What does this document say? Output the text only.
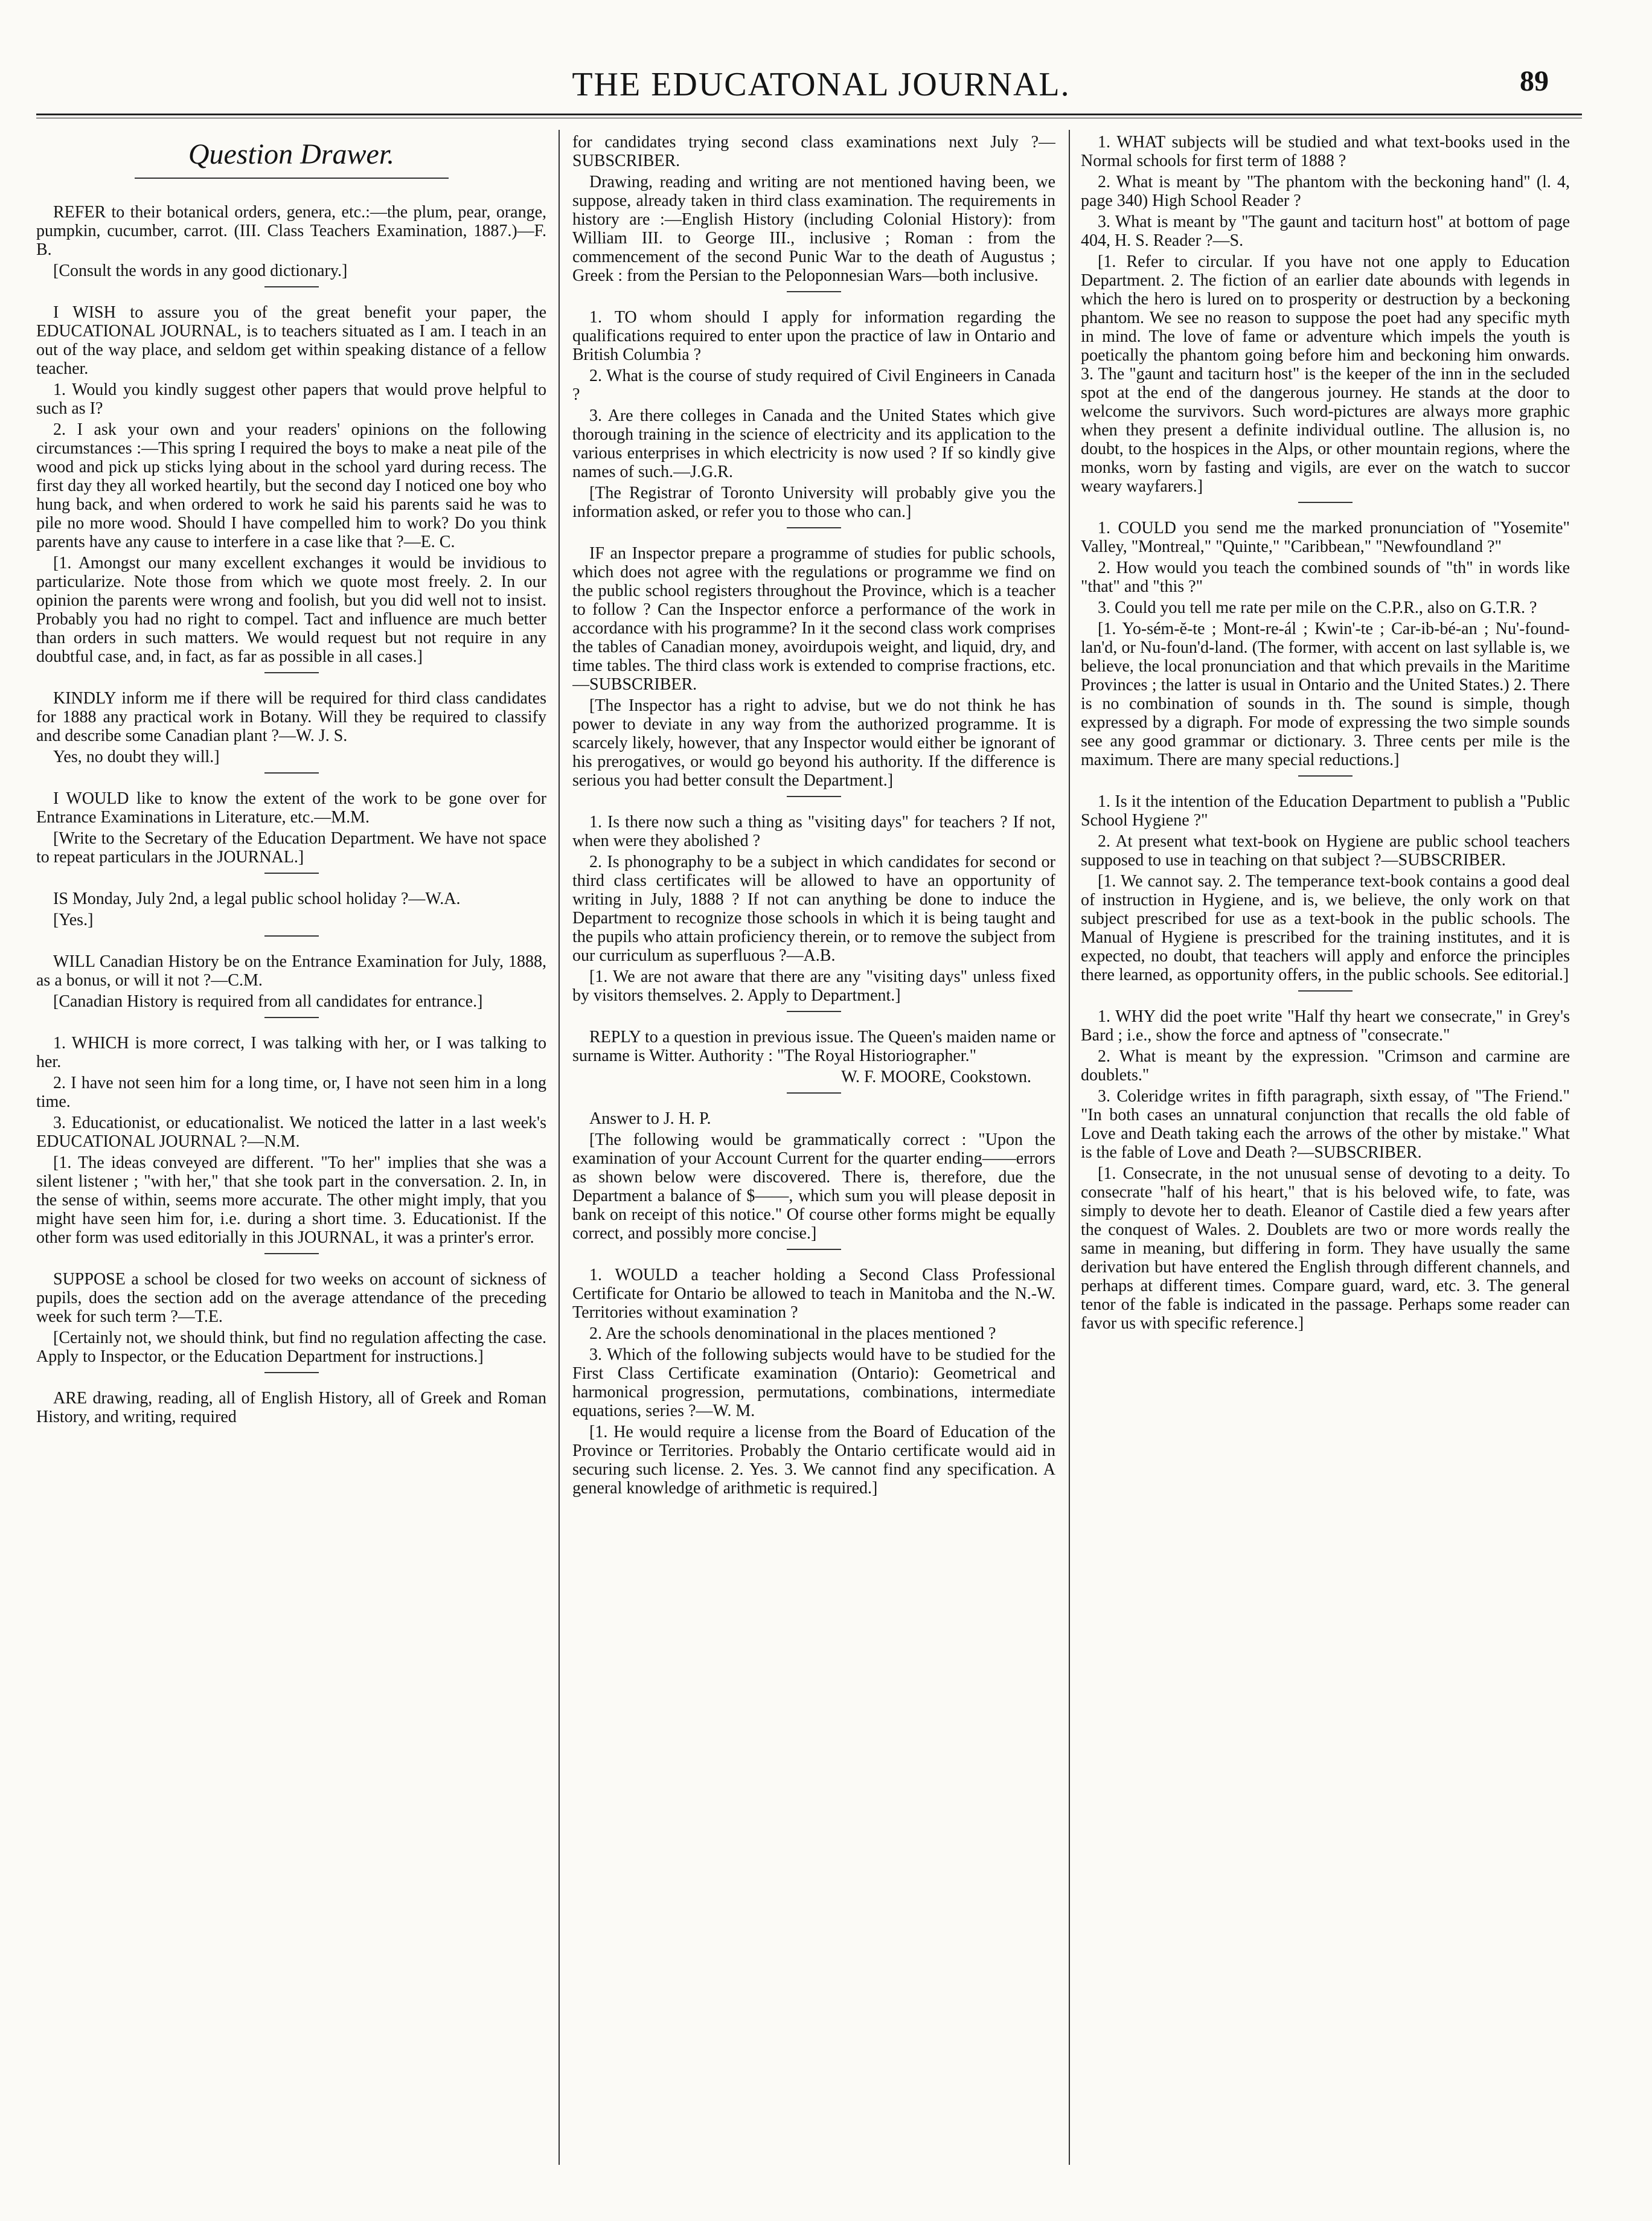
THE EDUCATONAL JOURNAL.	89
Question Drawer.

REFER to their botanical orders, genera, etc.:—the plum, pear, orange, pumpkin, cucumber, carrot. (III. Class Teachers Examination, 1887.)—F. B.

[Consult the words in any good dictionary.]

I WISH to assure you of the great benefit your paper, the EDUCATIONAL JOURNAL, is to teachers situated as I am. I teach in an out of the way place, and seldom get within speaking distance of a fellow teacher.

1. Would you kindly suggest other papers that would prove helpful to such as I?

2. I ask your own and your readers' opinions on the following circumstances :—This spring I required the boys to make a neat pile of the wood and pick up sticks lying about in the school yard during recess. The first day they all worked heartily, but the second day I noticed one boy who hung back, and when ordered to work he said his parents said he was to pile no more wood. Should I have compelled him to work? Do you think parents have any cause to interfere in a case like that ?—E. C.

[1. Amongst our many excellent exchanges it would be invidious to particularize. Note those from which we quote most freely. 2. In our opinion the parents were wrong and foolish, but you did well not to insist. Probably you had no right to compel. Tact and influence are much better than orders in such matters. We would request but not require in any doubtful case, and, in fact, as far as possible in all cases.]

KINDLY inform me if there will be required for third class candidates for 1888 any practical work in Botany. Will they be required to classify and describe some Canadian plant ?—W. J. S.

Yes, no doubt they will.]

I WOULD like to know the extent of the work to be gone over for Entrance Examinations in Literature, etc.—M.M.

[Write to the Secretary of the Education Department. We have not space to repeat particulars in the JOURNAL.]

IS Monday, July 2nd, a legal public school holiday ?—W.A.

[Yes.]

WILL Canadian History be on the Entrance Examination for July, 1888, as a bonus, or will it not ?—C.M.

[Canadian History is required from all candidates for entrance.]

1. WHICH is more correct, I was talking with her, or I was talking to her.

2. I have not seen him for a long time, or, I have not seen him in a long time.

3. Educationist, or educationalist. We noticed the latter in a last week's EDUCATIONAL JOURNAL ?—N.M.

[1. The ideas conveyed are different. "To her" implies that she was a silent listener ; "with her," that she took part in the conversation. 2. In, in the sense of within, seems more accurate. The other might imply, that you might have seen him for, i.e. during a short time. 3. Educationist. If the other form was used editorially in this JOURNAL, it was a printer's error.

SUPPOSE a school be closed for two weeks on account of sickness of pupils, does the section add on the average attendance of the preceding week for such term ?—T.E.

[Certainly not, we should think, but find no regulation affecting the case. Apply to Inspector, or the Education Department for instructions.]

ARE drawing, reading, all of English History, all of Greek and Roman History, and writing, required

for candidates trying second class examinations next July ?—SUBSCRIBER.

Drawing, reading and writing are not mentioned having been, we suppose, already taken in third class examination. The requirements in history are :—English History (including Colonial History): from William III. to George III., inclusive ; Roman : from the commencement of the second Punic War to the death of Augustus ; Greek : from the Persian to the Peloponnesian Wars—both inclusive.

1. TO whom should I apply for information regarding the qualifications required to enter upon the practice of law in Ontario and British Columbia ?

2. What is the course of study required of Civil Engineers in Canada ?

3. Are there colleges in Canada and the United States which give thorough training in the science of electricity and its application to the various enterprises in which electricity is now used ? If so kindly give names of such.—J.G.R.

[The Registrar of Toronto University will probably give you the information asked, or refer you to those who can.]

IF an Inspector prepare a programme of studies for public schools, which does not agree with the regulations or programme we find on the public school registers throughout the Province, which is a teacher to follow ? Can the Inspector enforce a performance of the work in accordance with his programme? In it the second class work comprises the tables of Canadian money, avoirdupois weight, and liquid, dry, and time tables. The third class work is extended to comprise fractions, etc.—SUBSCRIBER.

[The Inspector has a right to advise, but we do not think he has power to deviate in any way from the authorized programme. It is scarcely likely, however, that any Inspector would either be ignorant of his prerogatives, or would go beyond his authority. If the difference is serious you had better consult the Department.]

1. Is there now such a thing as "visiting days" for teachers ? If not, when were they abolished ?

2. Is phonography to be a subject in which candidates for second or third class certificates will be allowed to have an opportunity of writing in July, 1888 ? If not can anything be done to induce the Department to recognize those schools in which it is being taught and the pupils who attain proficiency therein, or to remove the subject from our curriculum as superfluous ?—A.B.

[1. We are not aware that there are any "visiting days" unless fixed by visitors themselves. 2. Apply to Department.]

REPLY to a question in previous issue. The Queen's maiden name or surname is Witter. Authority : "The Royal Historiographer."

W. F. MOORE, Cookstown.

Answer to J. H. P.

[The following would be grammatically correct : "Upon the examination of your Account Current for the quarter ending——errors as shown below were discovered. There is, therefore, due the Department a balance of $——, which sum you will please deposit in bank on receipt of this notice." Of course other forms might be equally correct, and possibly more concise.]

1. WOULD a teacher holding a Second Class Professional Certificate for Ontario be allowed to teach in Manitoba and the N.-W. Territories without examination ?

2. Are the schools denominational in the places mentioned ?

3. Which of the following subjects would have to be studied for the First Class Certificate examination (Ontario): Geometrical and harmonical progression, permutations, combinations, intermediate equations, series ?—W. M.

[1. He would require a license from the Board of Education of the Province or Territories. Probably the Ontario certificate would aid in securing such license. 2. Yes. 3. We cannot find any specification. A general knowledge of arithmetic is required.]

1. WHAT subjects will be studied and what text-books used in the Normal schools for first term of 1888 ?

2. What is meant by "The phantom with the beckoning hand" (l. 4, page 340) High School Reader ?

3. What is meant by "The gaunt and taciturn host" at bottom of page 404, H. S. Reader ?—S.

[1. Refer to circular. If you have not one apply to Education Department. 2. The fiction of an earlier date abounds with legends in which the hero is lured on to prosperity or destruction by a beckoning phantom. We see no reason to suppose the poet had any specific myth in mind. The love of fame or adventure which impels the youth is poetically the phantom going before him and beckoning him onwards. 3. The "gaunt and taciturn host" is the keeper of the inn in the secluded spot at the end of the dangerous journey. He stands at the door to welcome the survivors. Such word-pictures are always more graphic when they present a definite individual outline. The allusion is, no doubt, to the hospices in the Alps, or other mountain regions, where the monks, worn by fasting and vigils, are ever on the watch to succor weary wayfarers.]

1. COULD you send me the marked pronunciation of "Yosemite" Valley, "Montreal," "Quinte," "Caribbean," "Newfoundland ?"

2. How would you teach the combined sounds of "th" in words like "that" and "this ?"

3. Could you tell me rate per mile on the C.P.R., also on G.T.R. ?

[1. Yo-sém-ĕ-te ; Mont-re-ál ; Kwin'-te ; Car-ib-bé-an ; Nu'-found-lan'd, or Nu-foun'd-land. (The former, with accent on last syllable is, we believe, the local pronunciation and that which prevails in the Maritime Provinces ; the latter is usual in Ontario and the United States.) 2. There is no combination of sounds in th. The sound is simple, though expressed by a digraph. For mode of expressing the two simple sounds see any good grammar or dictionary. 3. Three cents per mile is the maximum. There are many special reductions.]

1. Is it the intention of the Education Department to publish a "Public School Hygiene ?"

2. At present what text-book on Hygiene are public school teachers supposed to use in teaching on that subject ?—SUBSCRIBER.

[1. We cannot say. 2. The temperance text-book contains a good deal of instruction in Hygiene, and is, we believe, the only work on that subject prescribed for use as a text-book in the public schools. The Manual of Hygiene is prescribed for the training institutes, and it is expected, no doubt, that teachers will apply and enforce the principles there learned, as opportunity offers, in the public schools. See editorial.]

1. WHY did the poet write "Half thy heart we consecrate," in Grey's Bard ; i.e., show the force and aptness of "consecrate."

2. What is meant by the expression. "Crimson and carmine are doublets."

3. Coleridge writes in fifth paragraph, sixth essay, of "The Friend." "In both cases an unnatural conjunction that recalls the old fable of Love and Death taking each the arrows of the other by mistake." What is the fable of Love and Death ?—SUBSCRIBER.

[1. Consecrate, in the not unusual sense of devoting to a deity. To consecrate "half of his heart," that is his beloved wife, to fate, was simply to devote her to death. Eleanor of Castile died a few years after the conquest of Wales. 2. Doublets are two or more words really the same in meaning, but differing in form. They have usually the same derivation but have entered the English through different channels, and perhaps at different times. Compare guard, ward, etc. 3. The general tenor of the fable is indicated in the passage. Perhaps some reader can favor us with specific reference.]
